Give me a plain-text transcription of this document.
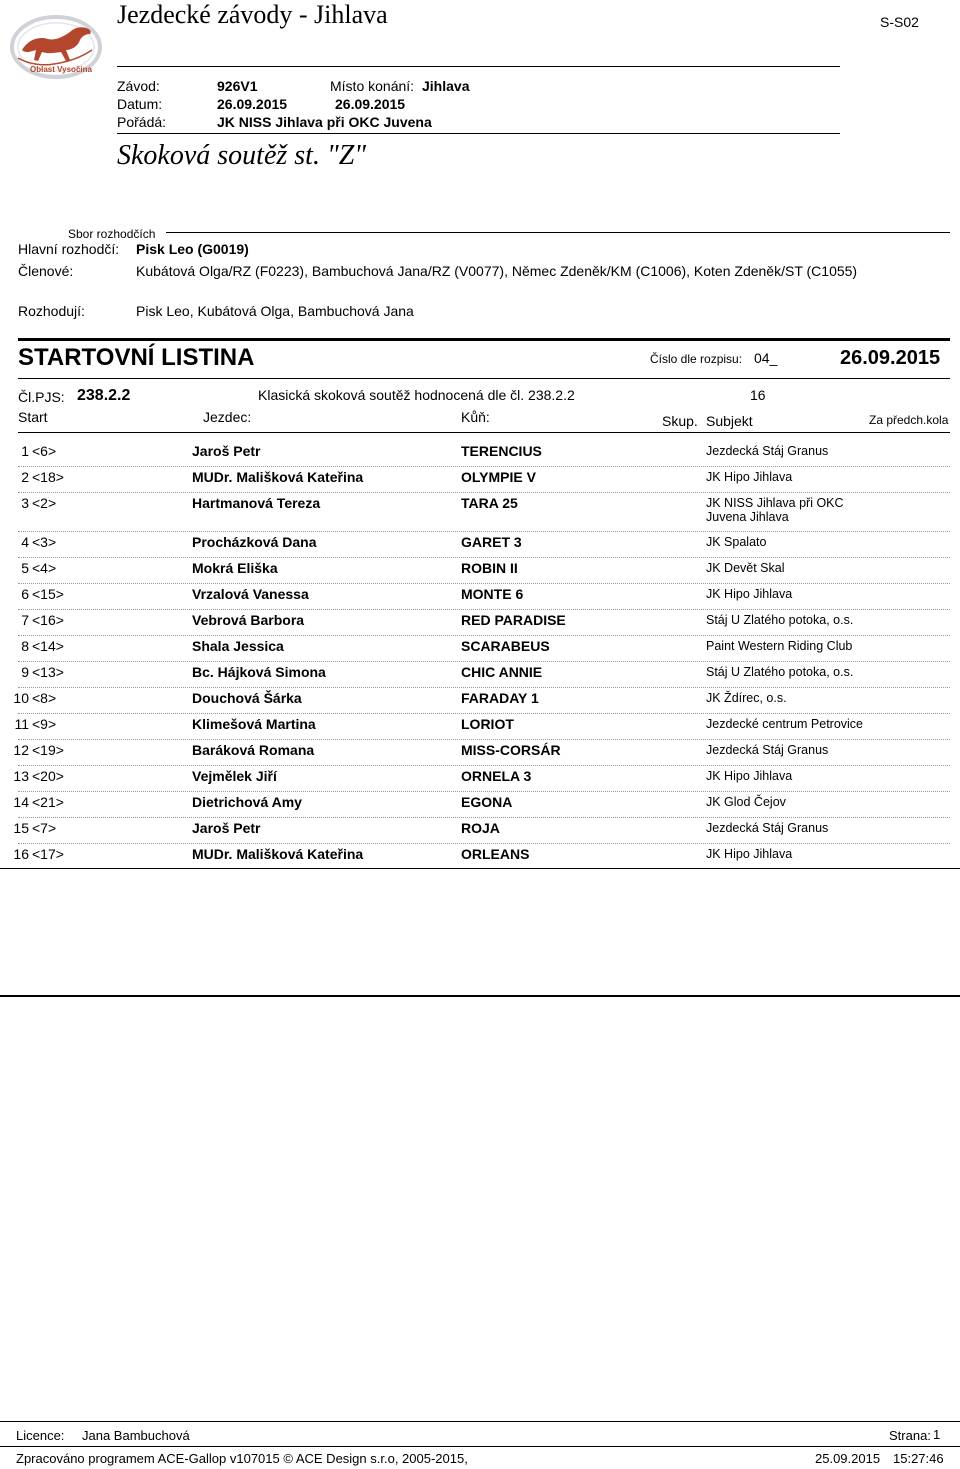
Jezdecké závody - Jihlava	S-S02
Oblast Vysočina
Závod:	926V1	Místo konání: Jihlava
Datum:	26.09.2015	26.09.2015
Pořádá:	JK NISS Jihlava při OKC Juvena
Skoková soutěž st. "Z"
Sbor rozhodčích
Hlavní rozhodčí: Pisk Leo (G0019)
Členové:	Kubátová Olga/RZ (F0223), Bambuchová Jana/RZ (V0077), Němec Zdeněk/KM (C1006), Koten Zdeněk/ST (C1055)
Rozhodují:	Pisk Leo, Kubátová Olga, Bambuchová Jana
STARTOVNÍ LISTINA	Číslo dle rozpisu: 04_	26.09.2015
Čl.PJS: 238.2.2	Klasická skoková soutěž hodnocená dle čl. 238.2.2	16
Start	Jezdec:	Kůň:	Skup. Subjekt	Za předch.kola
1 <6>	Jaroš Petr	TERENCIUS	Jezdecká Stáj Granus
2 <18>	MUDr. Mališková Kateřina	OLYMPIE V	JK Hipo Jihlava
3 <2>	Hartmanová Tereza	TARA 25	JK NISS Jihlava při OKC Juvena Jihlava
4 <3>	Procházková Dana	GARET 3	JK Spalato
5 <4>	Mokrá Eliška	ROBIN II	JK Devět Skal
6 <15>	Vrzalová Vanessa	MONTE 6	JK Hipo Jihlava
7 <16>	Vebrová Barbora	RED PARADISE	Stáj U Zlatého potoka, o.s.
8 <14>	Shala Jessica	SCARABEUS	Paint Western Riding Club
9 <13>	Bc. Hájková Simona	CHIC ANNIE	Stáj U Zlatého potoka, o.s.
10 <8>	Douchová Šárka	FARADAY 1	JK Ždírec, o.s.
11 <9>	Klimešová Martina	LORIOT	Jezdecké centrum Petrovice
12 <19>	Baráková Romana	MISS-CORSÁR	Jezdecká Stáj Granus
13 <20>	Vejmělek Jiří	ORNELA 3	JK Hipo Jihlava
14 <21>	Dietrichová Amy	EGONA	JK Glod Čejov
15 <7>	Jaroš Petr	ROJA	Jezdecká Stáj Granus
16 <17>	MUDr. Mališková Kateřina	ORLEANS	JK Hipo Jihlava
Licence: Jana Bambuchová	Strana: 1
Zpracováno programem ACE-Gallop v107015 © ACE Design s.r.o, 2005-2015,	25.09.2015 15:27:46
